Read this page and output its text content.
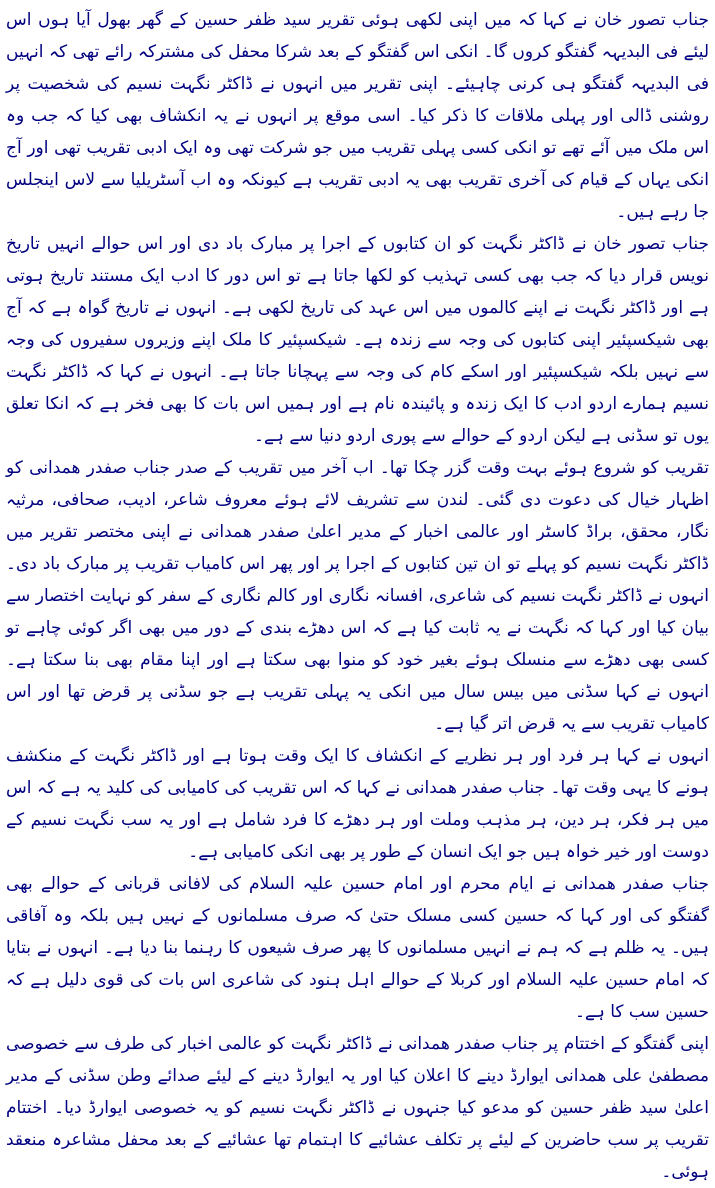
جناب تصور خان نے کہا کہ میں اپنی لکھی ہوئی تقریر سید ظفر حسین کے گھر بھول آیا ہوں اس لیئے فی البدیہہ گفتگو کروں گا۔ انکی اس گفتگو کے بعد شرکا محفل کی مشترکہ رائے تھی کہ انہیں فی البدیہہ گفتگو ہی کرنی چاہیئے۔ اپنی تقریر میں انہوں نے ڈاکٹر نگہت نسیم کی شخصیت پر روشنی ڈالی اور پہلی ملاقات کا ذکر کیا۔ اسی موقع پر انہوں نے یہ انکشاف بھی کیا کہ جب وہ اس ملک میں آئے تھے تو انکی کسی پہلی تقریب میں جو شرکت تھی وہ ایک ادبی تقریب تھی اور آج انکی یہاں کے قیام کی آخری تقریب بھی یہ ادبی تقریب ہے کیونکہ وہ اب آسٹریلیا سے لاس اینجلس جا رہے ہیں۔

جناب تصور خان نے ڈاکٹر نگہت کو ان کتابوں کے اجرا پر مبارک باد دی اور اس حوالے انہیں تاریخ نویس قرار دیا کہ جب بھی کسی تہذیب کو لکھا جاتا ہے تو اس دور کا ادب ایک مستند تاریخ ہوتی ہے اور ڈاکٹر نگہت نے اپنے کالموں میں اس عہد کی تاریخ لکھی ہے۔ انہوں نے تاریخ گواہ ہے کہ آج بھی شیکسپئیر اپنی کتابوں کی وجہ سے زندہ ہے۔ شیکسپئیر کا ملک اپنے وزیروں سفیروں کی وجہ سے نہیں بلکہ شیکسپئیر اور اسکے کام کی وجہ سے پہچانا جاتا ہے۔ انہوں نے کہا کہ ڈاکٹر نگہت نسیم ہمارے اردو ادب کا ایک زندہ و پائیندہ نام ہے اور ہمیں اس بات کا بھی فخر ہے کہ انکا تعلق یوں تو سڈنی ہے لیکن اردو کے حوالے سے پوری اردو دنیا سے ہے۔

تقریب کو شروع ہوئے بہت وقت گزر چکا تھا۔ اب آخر میں تقریب کے صدر جناب صفدر ھمدانی کو اظہار خیال کی دعوت دی گئی۔ لندن سے تشریف لائے ہوئے معروف شاعر، ادیب، صحافی، مرثیہ نگار، محقق، براڈ کاسٹر اور عالمی اخبار کے مدیر اعلیٰ صفدر ھمدانی نے اپنی مختصر تقریر میں ڈاکٹر نگہت نسیم کو پہلے تو ان تین کتابوں کے اجرا پر اور پھر اس کامیاب تقریب پر مبارک باد دی۔ انہوں نے ڈاکٹر نگہت نسیم کی شاعری، افسانہ نگاری اور کالم نگاری کے سفر کو نہایت اختصار سے بیان کیا اور کہا کہ نگہت نے یہ ثابت کیا ہے کہ اس دھڑے بندی کے دور میں بھی اگر کوئی چاہے تو کسی بھی دھڑے سے منسلک ہوئے بغیر خود کو منوا بھی سکتا ہے اور اپنا مقام بھی بنا سکتا ہے۔ انہوں نے کہا سڈنی میں بیس سال میں انکی یہ پہلی تقریب ہے جو سڈنی پر قرض تھا اور اس کامیاب تقریب سے یہ قرض اتر گیا ہے۔

انہوں نے کہا ہر فرد اور ہر نظریے کے انکشاف کا ایک وقت ہوتا ہے اور ڈاکٹر نگہت کے منکشف ہونے کا یہی وقت تھا۔ جناب صفدر ھمدانی نے کہا کہ اس تقریب کی کامیابی کی کلید یہ ہے کہ اس میں ہر فکر، ہر دین، ہر مذہب وملت اور ہر دھڑے کا فرد شامل ہے اور یہ سب نگہت نسیم کے دوست اور خیر خواہ ہیں جو ایک انسان کے طور پر بھی انکی کامیابی ہے۔

جناب صفدر ھمدانی نے ایام محرم اور امام حسین علیہ السلام کی لافانی قربانی کے حوالے بھی گفتگو کی اور کہا کہ حسین کسی مسلک حتیٰ کہ صرف مسلمانوں کے نہیں ہیں بلکہ وہ آفاقی ہیں۔ یہ ظلم ہے کہ ہم نے انہیں مسلمانوں کا پھر صرف شیعوں کا رہنما بنا دیا ہے۔ انہوں نے بتایا کہ امام حسین علیہ السلام اور کربلا کے حوالے اہل ہنود کی شاعری اس بات کی قوی دلیل ہے کہ حسین سب کا ہے۔

اپنی گفتگو کے اختتام پر جناب صفدر ھمدانی نے ڈاکٹر نگہت کو عالمی اخبار کی طرف سے خصوصی مصطفیٰ علی ھمدانی ایوارڈ دینے کا اعلان کیا اور یہ ایوارڈ دینے کے لیئے صدائے وطن سڈنی کے مدیر اعلیٰ سید ظفر حسین کو مدعو کیا جنہوں نے ڈاکٹر نگہت نسیم کو یہ خصوصی ایوارڈ دیا۔ اختتام تقریب پر سب حاضرین کے لیئے پر تکلف عشائیے کا اہتمام تھا عشائیے کے بعد محفل مشاعرہ منعقد ہوئی۔
